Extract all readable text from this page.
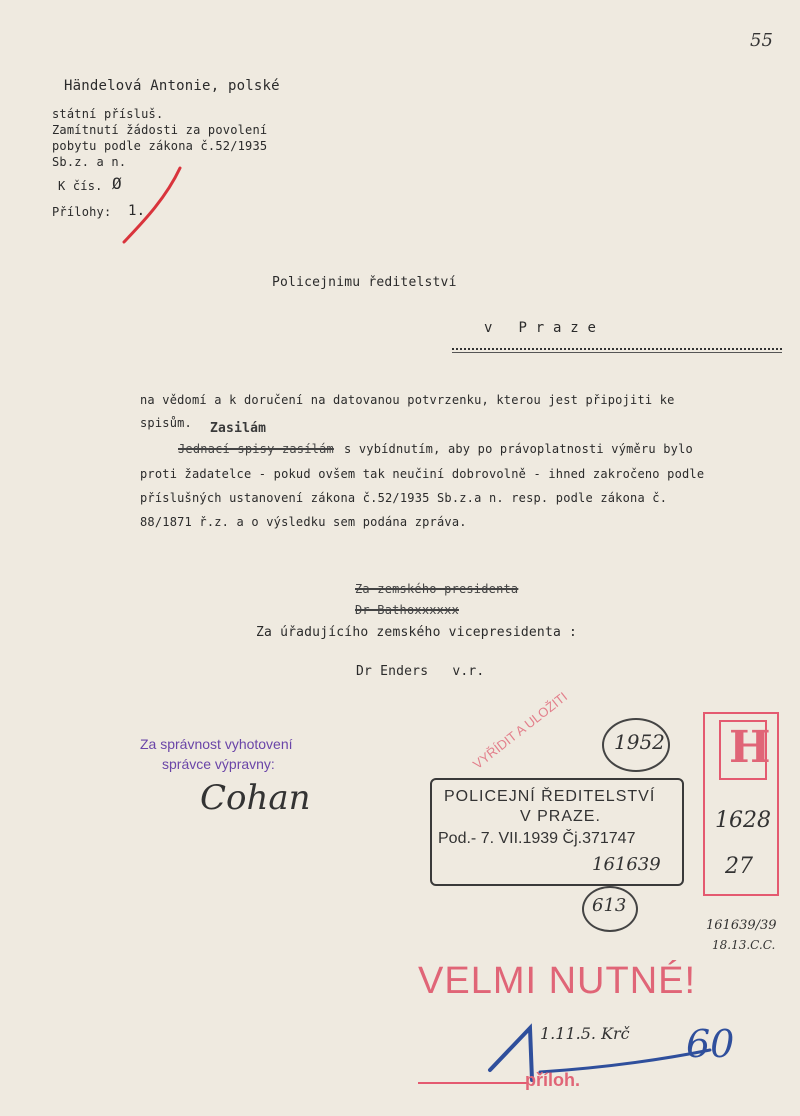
55
Händelová Antonie, polské
státní přísluš.
Zamítnutí žádosti za povolení
pobytu podle zákona č.52/1935
Sb.z. a n.
K čís. Ø
Přílohy: 1.
Policejnimu ředitelství
v   P r a z e
na vědomí a k doručení na datovanou potvrzenku, kterou jest připojiti ke
spisům. Zasilám
Jednací spisy zasílám s vybídnutím, aby po právoplatnosti výměru bylo
proti žadatelce - pokud ovšem tak neučiní dobrovolně - ihned zakročeno podle
příslušných ustanovení zákona č.52/1935 Sb.z.a n. resp. podle zákona č.
88/1871 ř.z. a o výsledku sem podána zpráva.
Za zemského presidenta
Dr Bathoxxxxxx
Za úřadujícího zemského vicepresidenta :
Dr Enders   v.r.
Za správnost vyhotovení
správce výpravny:
Cohan
VYŘÍDIT A ULOŽITI 1952
613
POLICEJNÍ ŘEDITELSTVÍ
V PRAZE.
Pod.- 7. VII.1939 Čj.371747
161639
H
1628
27
161639/39
18.13.C.C.
VELMI NUTNÉ!
1.11.5. Krč 60
příloh.
